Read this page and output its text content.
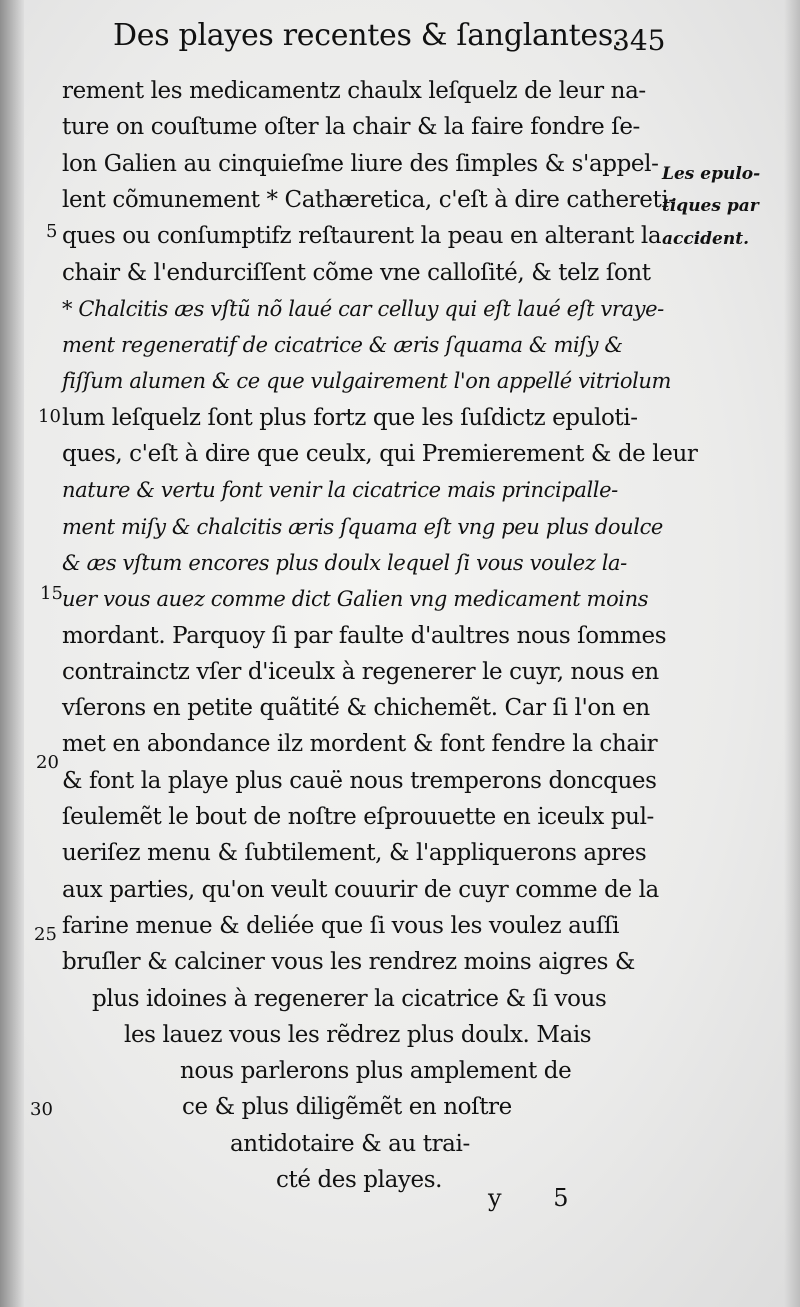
Des playes recentes & ſanglantes.
345
rement les medicamentz chaulx leſquelz de leur na-
ture on couſtume oſter la chair & la faire fondre ſe-
lon Galien au cinquieſme liure des ſimples & s'appel-
lent cõmunement * Cathæretica, c'eſt à dire cathereti-
ques ou conſumptifz reſtaurent la peau en alterant la
chair & l'endurciſſent cõme vne calloſité, & telz ſont
* Chalcitis æs vſtũ nõ laué car celluy qui eſt laué eſt vraye-
ment regeneratif de cicatrice & æris ſquama & miſy &
fiſſum alumen & ce que vulgairement l'on appellé vitriolum
lum leſquelz ſont plus fortz que les ſuſdictz epuloti-
ques, c'eſt à dire que ceulx, qui Premierement & de leur
nature & vertu font venir la cicatrice mais principalle-
ment miſy & chalcitis æris ſquama eſt vng peu plus doulce
& æs vſtum encores plus doulx lequel ſi vous voulez la-
uer vous auez comme dict Galien vng medicament moins
mordant. Parquoy ſi par faulte d'aultres nous ſommes
contrainctz vſer d'iceulx à regenerer le cuyr, nous en
vſerons en petite quãtité & chichemẽt. Car ſi l'on en
met en abondance ilz mordent & font fendre la chair
& font la playe plus cauë nous tremperons doncques
ſeulemẽt le bout de noſtre eſprouuette en iceulx pul-
ueriſez menu & ſubtilement, & l'appliquerons apres
aux parties, qu'on veult couurir de cuyr comme de la
farine menue & deliée que ſi vous les voulez auſſi
bruſler & calciner vous les rendrez moins aigres &
plus idoines à regenerer la cicatrice & ſi vous
les lauez vous les rẽdrez plus doulx. Mais
nous parlerons plus amplement de
ce & plus diligẽmẽt en noſtre
antidotaire & au trai-
cté des playes.
5
10
15
20
25
30
Les epulo-
tiques par
accident.
y 5
